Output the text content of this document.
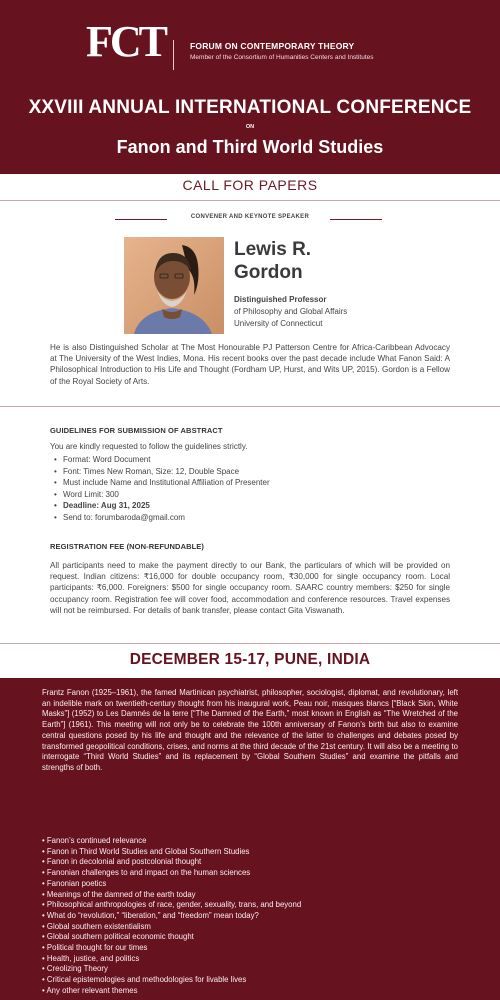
FCT	FORUM ON CONTEMPORARY THEORY
Member of the Consortium of Humanities Centers and Institutes
XXVIII ANNUAL INTERNATIONAL CONFERENCE
ON
Fanon and Third World Studies
CALL FOR PAPERS
CONVENER AND KEYNOTE SPEAKER
Lewis R.
Gordon
Distinguished Professor
of Philosophy and Global Affairs
University of Connecticut

He is also Distinguished Scholar at The Most Honourable PJ Patterson Centre for Africa-Caribbean Advocacy at The University of the West Indies, Mona. His recent books over the past decade include What Fanon Said: A Philosophical Introduction to His Life and Thought (Fordham UP, Hurst, and Wits UP, 2015). Gordon is a Fellow of the Royal Society of Arts.

GUIDELINES FOR SUBMISSION OF ABSTRACT
You are kindly requested to follow the guidelines strictly.
• Format: Word Document
• Font: Times New Roman, Size: 12, Double Space
• Must include Name and Institutional Affiliation of Presenter
• Word Limit: 300
• Deadline: Aug 31, 2025
• Send to: forumbaroda@gmail.com
REGISTRATION FEE (NON-REFUNDABLE)

All participants need to make the payment directly to our Bank, the particulars of which will be provided on request. Indian citizens: ₹16,000 for double occupancy room, ₹30,000 for single occupancy room. Local participants: ₹6,000. Foreigners: $500 for single occupancy room. SAARC country members: $250 for single occupancy room. Registration fee will cover food, accommodation and conference resources. Travel expenses will not be reimbursed. For details of bank transfer, please contact Gita Viswanath.

DECEMBER 15-17, PUNE, INDIA

Frantz Fanon (1925–1961), the famed Martinican psychiatrist, philosopher, sociologist, diplomat, and revolutionary, left an indelible mark on twentieth-century thought from his inaugural work, Peau noir, masques blancs [“Black Skin, White Masks”] (1952) to Les Damnés de la terre [“The Damned of the Earth,” most known in English as “The Wretched of the Earth”] (1961). This meeting will not only be to celebrate the 100th anniversary of Fanon’s birth but also to examine central questions posed by his life and thought and the relevance of the latter to challenges and debates posed by transformed geopolitical conditions, crises, and norms at the third decade of the 21st century. It will also be a meeting to interrogate “Third World Studies” and its replacement by “Global Southern Studies” and examine the pitfalls and strengths of both.

• Fanon’s continued relevance
• Fanon in Third World Studies and Global Southern Studies
• Fanon in decolonial and postcolonial thought
• Fanonian challenges to and impact on the human sciences
• Fanonian poetics
• Meanings of the damned of the earth today
• Philosophical anthropologies of race, gender, sexuality, trans, and beyond
• What do “revolution,” “liberation,” and “freedom” mean today?
• Global southern existentialism
• Global southern political economic thought
• Political thought for our times
• Health, justice, and politics
• Creolizing Theory
• Critical epistemologies and methodologies for livable lives
• Any other relevant themes
